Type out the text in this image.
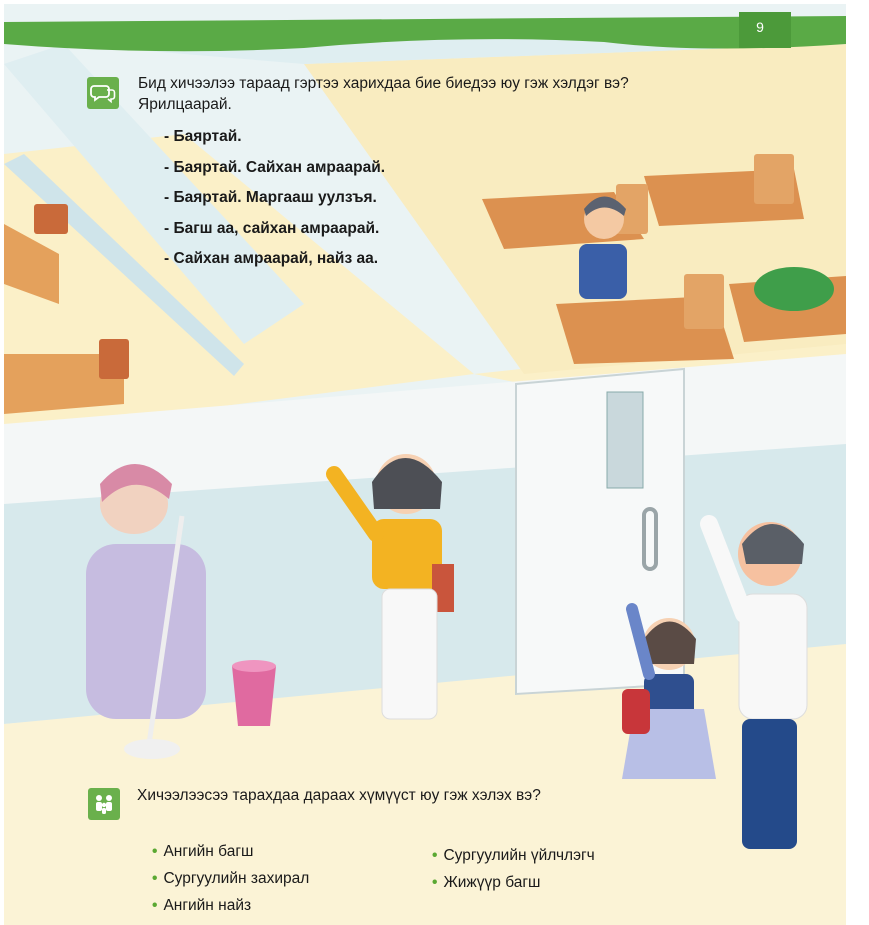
9
Бид хичээлээ тараад гэртээ харихдаа бие биедээ юу гэж хэлдэг вэ? Ярилцаарай.
- Баяртай.
- Баяртай. Сайхан амраарай.
- Баяртай. Маргааш уулзъя.
- Багш аа, сайхан амраарай.
- Сайхан амраарай, найз аа.
Хичээлээсээ тарахдаа дараах хүмүүст юу гэж хэлэх вэ?
• Ангийн багш
• Сургуулийн захирал
• Ангийн найз
• Сургуулийн үйлчлэгч
• Жижүүр багш
